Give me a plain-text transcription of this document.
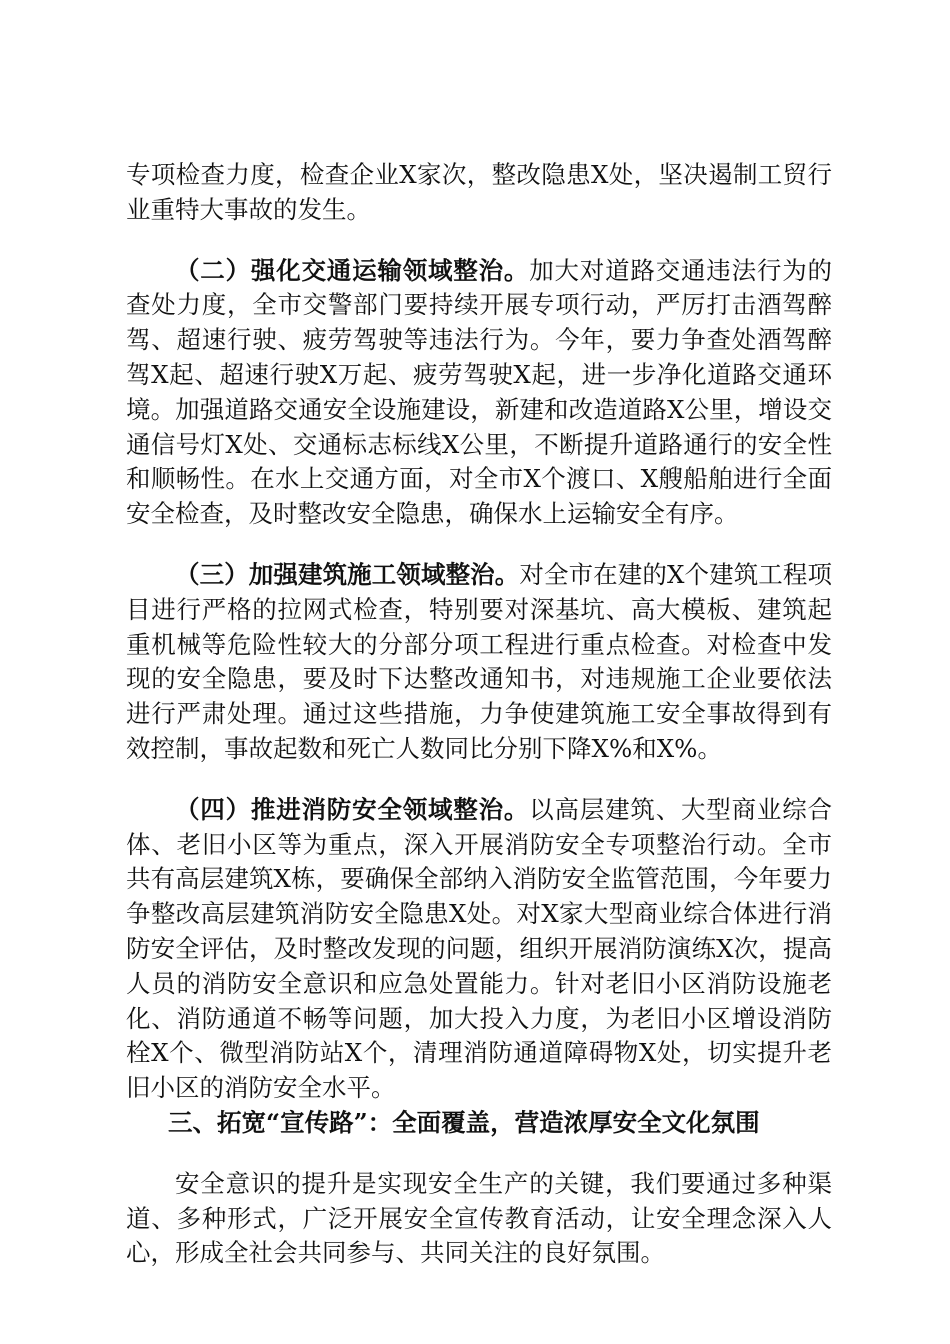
专项检查力度，检查企业X家次，整改隐患X处，坚决遏制工贸行业重特大事故的发生。

（二）强化交通运输领域整治。加大对道路交通违法行为的查处力度，全市交警部门要持续开展专项行动，严厉打击酒驾醉驾、超速行驶、疲劳驾驶等违法行为。今年，要力争查处酒驾醉驾X起、超速行驶X万起、疲劳驾驶X起，进一步净化道路交通环境。加强道路交通安全设施建设，新建和改造道路X公里，增设交通信号灯X处、交通标志标线X公里，不断提升道路通行的安全性和顺畅性。在水上交通方面，对全市X个渡口、X艘船舶进行全面安全检查，及时整改安全隐患，确保水上运输安全有序。

（三）加强建筑施工领域整治。对全市在建的X个建筑工程项目进行严格的拉网式检查，特别要对深基坑、高大模板、建筑起重机械等危险性较大的分部分项工程进行重点检查。对检查中发现的安全隐患，要及时下达整改通知书，对违规施工企业要依法进行严肃处理。通过这些措施，力争使建筑施工安全事故得到有效控制，事故起数和死亡人数同比分别下降X%和X%。

（四）推进消防安全领域整治。以高层建筑、大型商业综合体、老旧小区等为重点，深入开展消防安全专项整治行动。全市共有高层建筑X栋，要确保全部纳入消防安全监管范围，今年要力争整改高层建筑消防安全隐患X处。对X家大型商业综合体进行消防安全评估，及时整改发现的问题，组织开展消防演练X次，提高人员的消防安全意识和应急处置能力。针对老旧小区消防设施老化、消防通道不畅等问题，加大投入力度，为老旧小区增设消防栓X个、微型消防站X个，清理消防通道障碍物X处，切实提升老旧小区的消防安全水平。

三、拓宽“宣传路”：全面覆盖，营造浓厚安全文化氛围

安全意识的提升是实现安全生产的关键，我们要通过多种渠道、多种形式，广泛开展安全宣传教育活动，让安全理念深入人心，形成全社会共同参与、共同关注的良好氛围。
